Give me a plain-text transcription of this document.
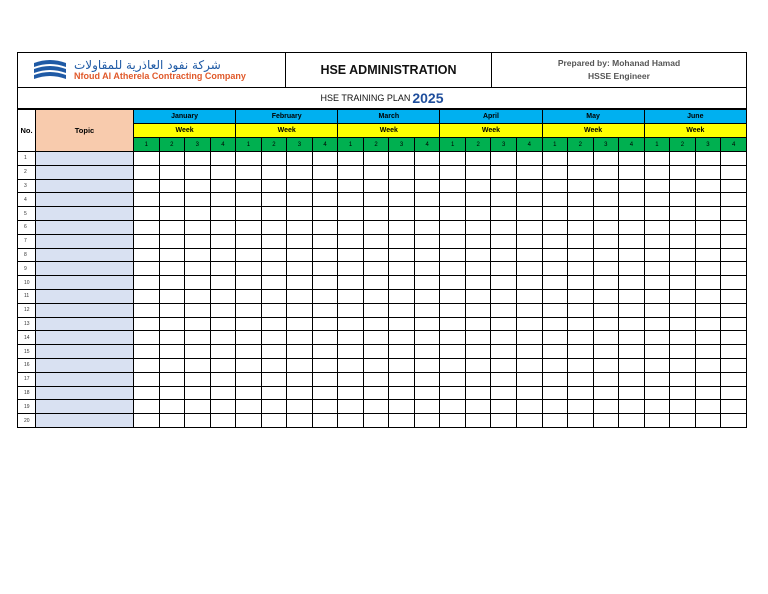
شركة نفود العاذرية للمقاولات
Nfoud Al Atherela Contracting Company	HSE ADMINISTRATION
Prepared by: Mohanad Hamad
HSSE Engineer
HSE TRAINING PLAN 2025
No.	Topic	January				February				March				April				May				June			
		Week				Week				Week				Week				Week				Week			
		1	2	3	4	1	2	3	4	1	2	3	4	1	2	3	4	1	2	3	4	1	2	3	4
1																									
2																									
3																									
4																									
5																									
6																									
7																									
8																									
9																									
10																									
11																									
12																									
13																									
14																									
15																									
16																									
17																									
18																									
19																									
20																									
